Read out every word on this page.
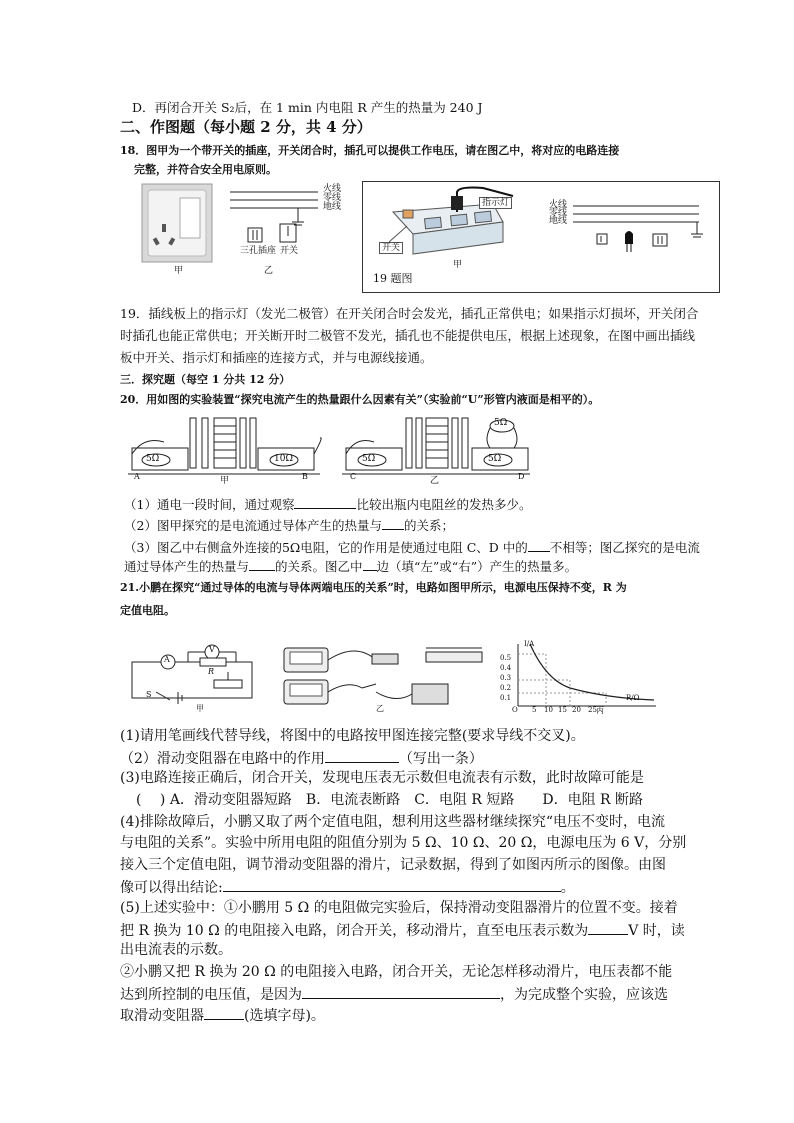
D．再闭合开关 S₂后，在 1 min 内电阻 R 产生的热量为 240 J
二、作图题（每小题 2 分，共 4 分）
18．图甲为一个带开关的插座，开关闭合时，插孔可以提供工作电压，请在图乙中，将对应的电路连接
完整，并符合安全用电原则。
火线
零线
地线
三孔插座 开关
甲	乙
指示灯
开关
火线
零线
地线
甲
19 题图
19．插线板上的指示灯（发光二极管）在开关闭合时会发光，插孔正常供电；如果指示灯损坏，开关闭合
时插孔也能正常供电；开关断开时二极管不发光，插孔也不能提供电压，根据上述现象，在图中画出插线
板中开关、指示灯和插座的连接方式，并与电源线接通。
三．探究题（每空 1 分共 12 分）
20．用如图的实验装置“探究电流产生的热量跟什么因素有关”（实验前“U”形管内液面是相平的）。
5Ω	10Ω	5Ω	5Ω
5Ω
A	B	C	D
甲	乙
（1）通电一段时间，通过观察	比较出瓶内电阻丝的发热多少。
（2）图甲探究的是电流通过导体产生的热量与 的关系；
（3）图乙中右侧盒外连接的5Ω电阻，它的作用是使通过电阻 C、D 中的 不相等；图乙探究的是电流
通过导体产生的热量与 的关系。图乙中 边（填“左”或“右”）产生的热量多。
21.小鹏在探究“通过导体的电流与导体两端电压的关系”时，电路如图甲所示，电源电压保持不变，R 为
定值电阻。
A
V
R
S
甲	乙	丙
I/A
R/Ω
0.5
0.4
0.3
0.2
0.1
O 5 10 15 20 25
(1)请用笔画线代替导线，将图中的电路按甲图连接完整(要求导线不交叉)。
（2）滑动变阻器在电路中的作用	（写出一条）
(3)电路连接正确后，闭合开关，发现电压表无示数但电流表有示数，此时故障可能是
(　 ) A．滑动变阻器短路　B．电流表断路　C．电阻 R 短路　　D．电阻 R 断路
(4)排除故障后，小鹏又取了两个定值电阻，想利用这些器材继续探究“电压不变时，电流
与电阻的关系”。实验中所用电阻的阻值分别为 5 Ω、10 Ω、20 Ω，电源电压为 6 V，分别
接入三个定值电阻，调节滑动变阻器的滑片，记录数据，得到了如图丙所示的图像。由图
像可以得出结论:	。
(5)上述实验中：①小鹏用 5 Ω 的电阻做完实验后，保持滑动变阻器滑片的位置不变。接着
把 R 换为 10 Ω 的电阻接入电路，闭合开关，移动滑片，直至电压表示数为	V 时，读
出电流表的示数。
②小鹏又把 R 换为 20 Ω 的电阻接入电路，闭合开关，无论怎样移动滑片，电压表都不能
达到所控制的电压值，是因为	，为完成整个实验，应该选
取滑动变阻器	(选填字母)。
